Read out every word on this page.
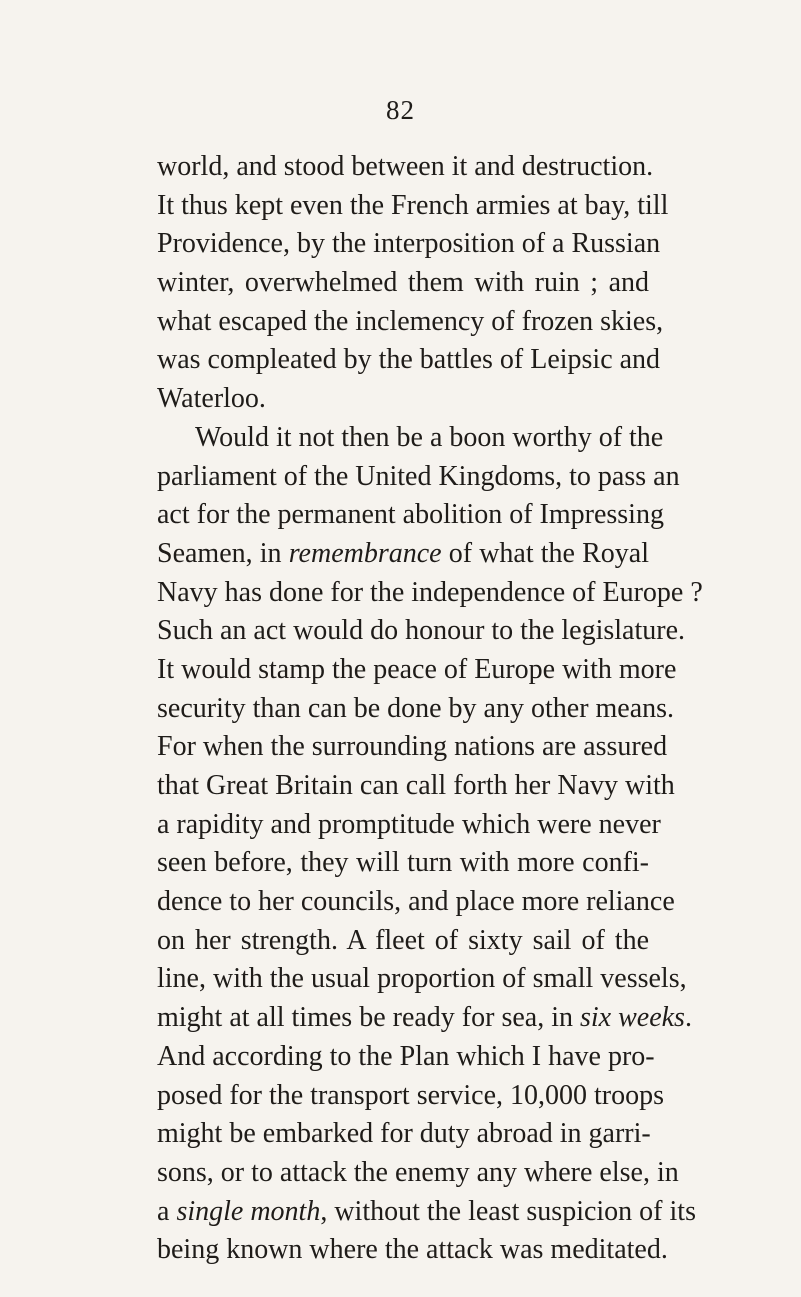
82
world, and stood between it and destruction.
It thus kept even the French armies at bay, till
Providence, by the interposition of a Russian
winter, overwhelmed them with ruin ; and
what escaped the inclemency of frozen skies,
was compleated by the battles of Leipsic and
Waterloo.
Would it not then be a boon worthy of the
parliament of the United Kingdoms, to pass an
act for the permanent abolition of Impressing
Seamen, in remembrance of what the Royal
Navy has done for the independence of Europe ?
Such an act would do honour to the legislature.
It would stamp the peace of Europe with more
security than can be done by any other means.
For when the surrounding nations are assured
that Great Britain can call forth her Navy with
a rapidity and promptitude which were never
seen before, they will turn with more confi-
dence to her councils, and place more reliance
on her strength. A fleet of sixty sail of the
line, with the usual proportion of small vessels,
might at all times be ready for sea, in six weeks.
And according to the Plan which I have pro-
posed for the transport service, 10,000 troops
might be embarked for duty abroad in garri-
sons, or to attack the enemy any where else, in
a single month, without the least suspicion of its
being known where the attack was meditated.
